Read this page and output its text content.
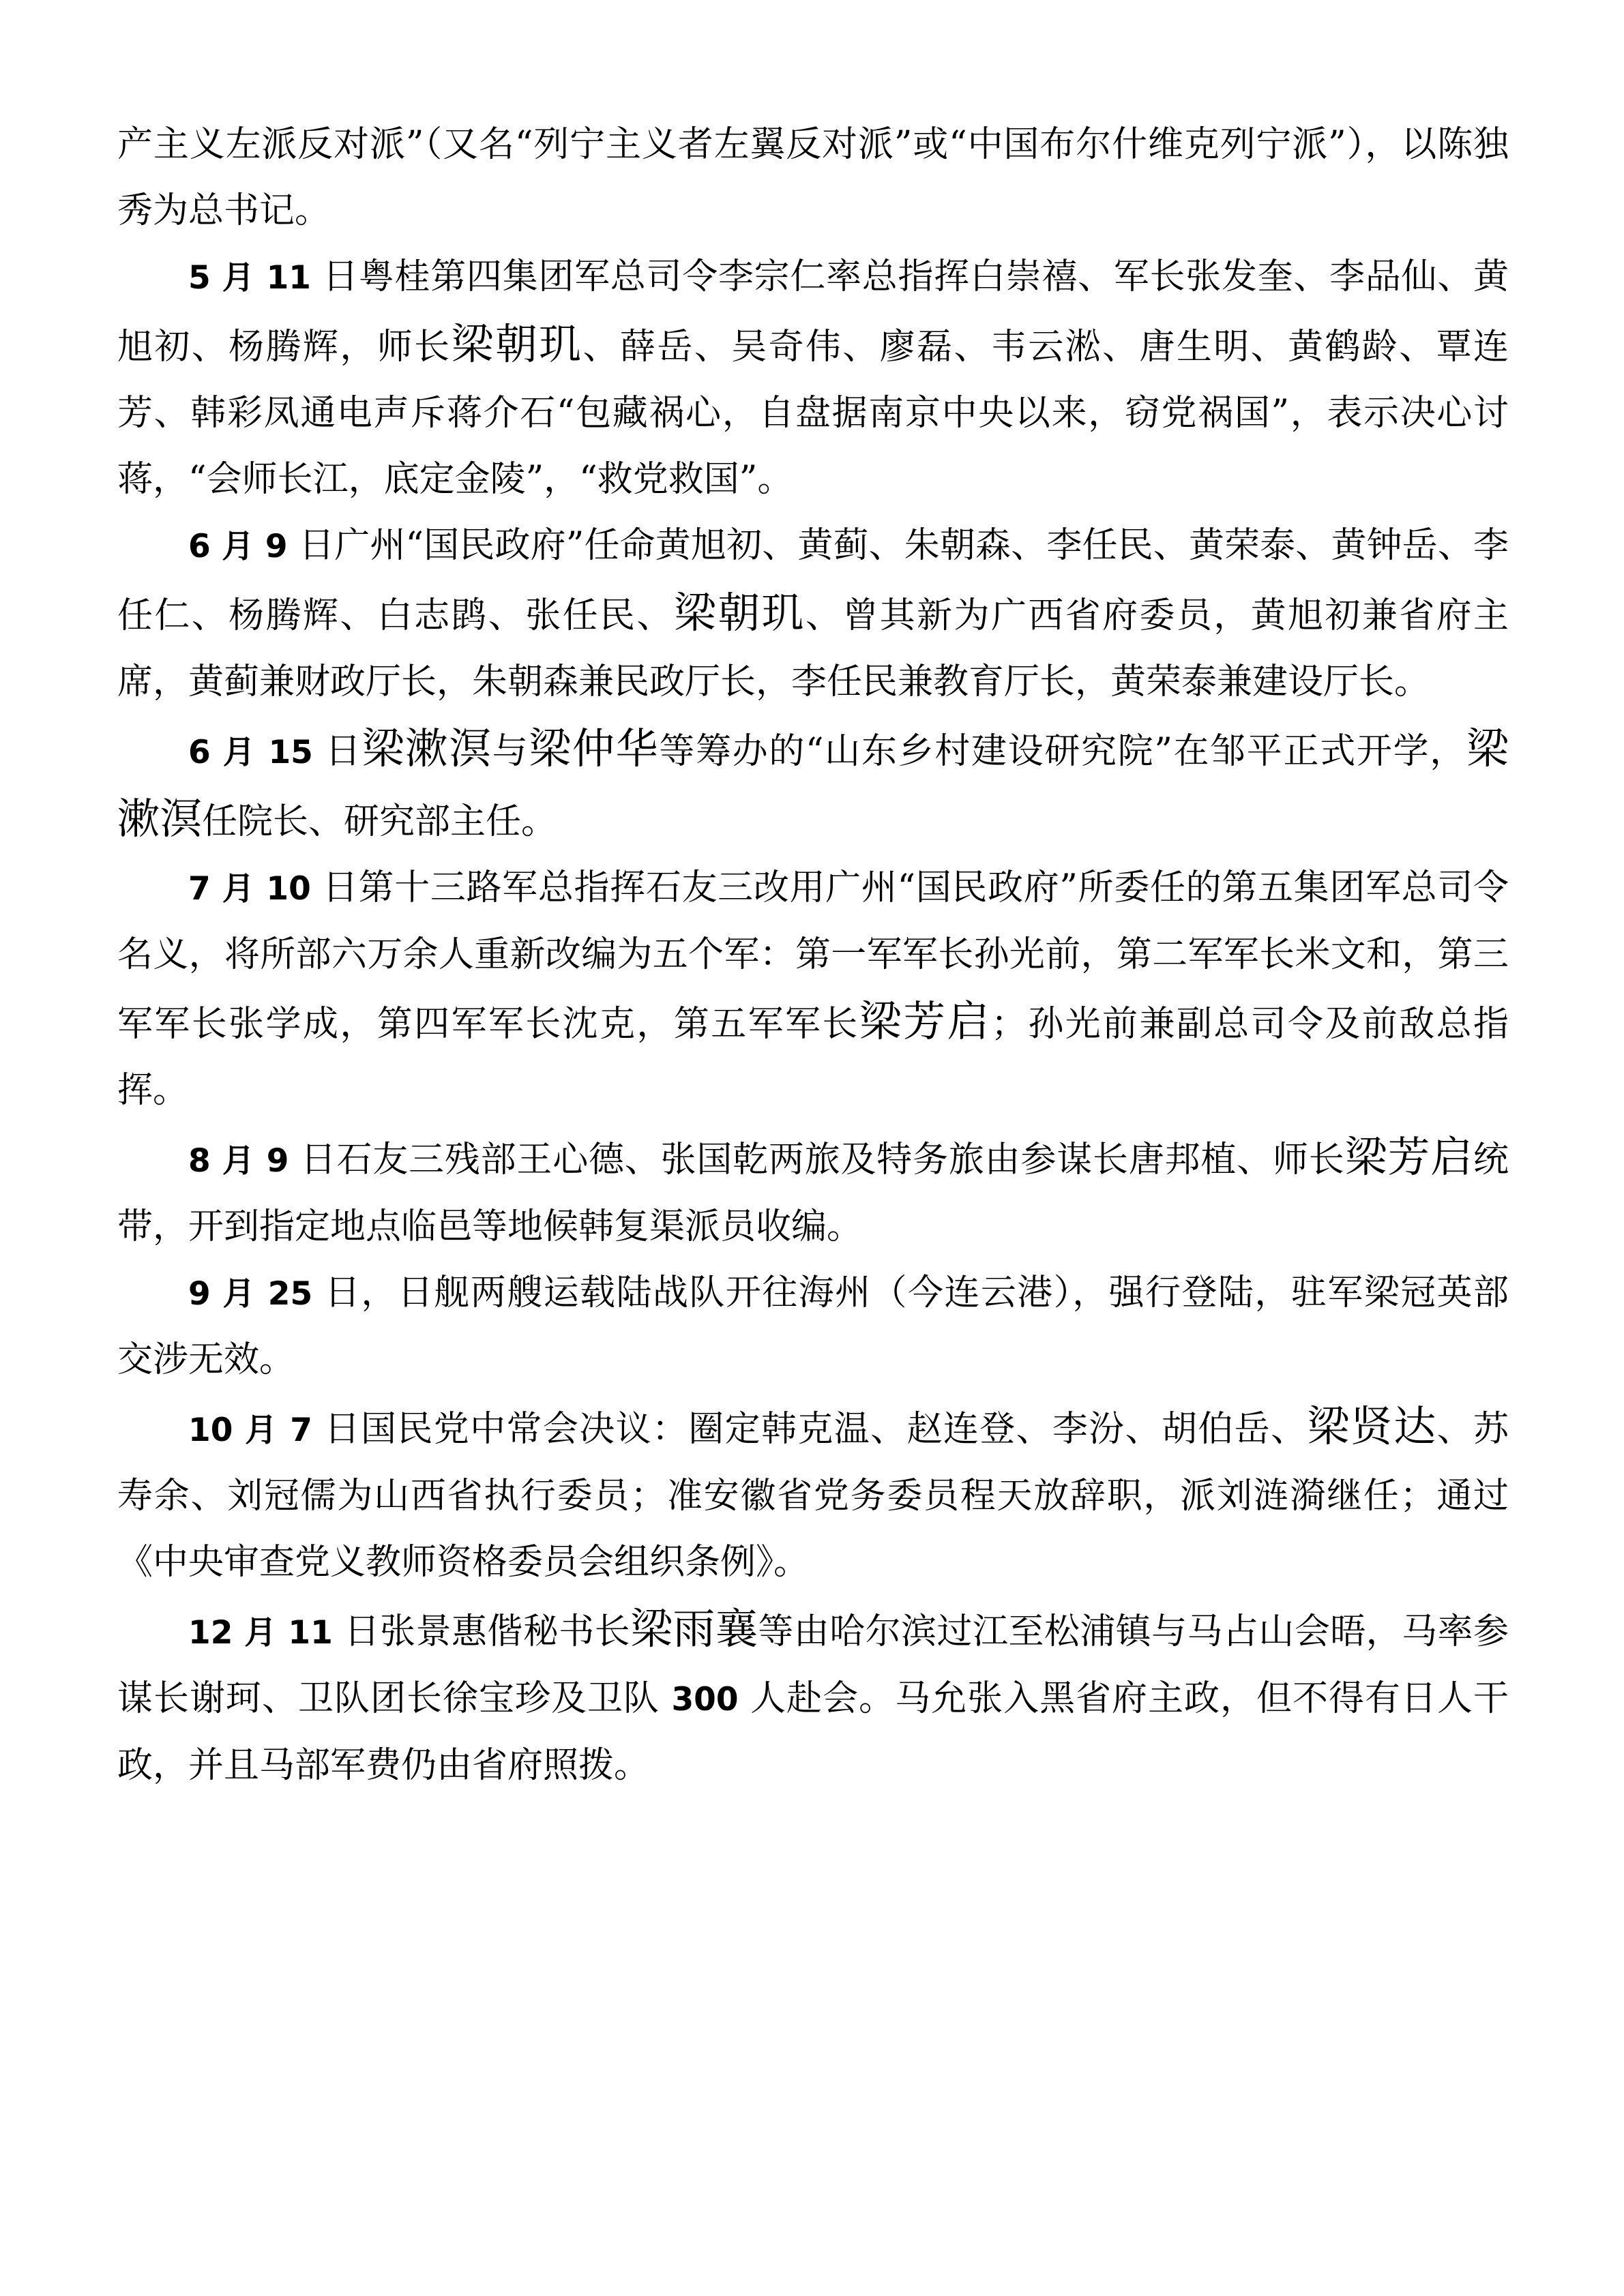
产主义左派反对派”（又名“列宁主义者左翼反对派”或“中国布尔什维克列宁派”），以陈独秀为总书记。

5 月 11 日粤桂第四集团军总司令李宗仁率总指挥白崇禧、军长张发奎、李品仙、黄旭初、杨腾辉，师长梁朝玑、薛岳、吴奇伟、廖磊、韦云淞、唐生明、黄鹤龄、覃连芳、韩彩凤通电声斥蒋介石“包藏祸心，自盘据南京中央以来，窃党祸国”，表示决心讨蒋，“会师长江，底定金陵”，“救党救国”。

6 月 9 日广州“国民政府”任命黄旭初、黄蓟、朱朝森、李任民、黄荣泰、黄钟岳、李任仁、杨腾辉、白志鹍、张任民、梁朝玑、曾其新为广西省府委员，黄旭初兼省府主席，黄蓟兼财政厅长，朱朝森兼民政厅长，李任民兼教育厅长，黄荣泰兼建设厅长。

6 月 15 日梁漱溟与梁仲华等筹办的“山东乡村建设研究院”在邹平正式开学，梁漱溟任院长、研究部主任。

7 月 10 日第十三路军总指挥石友三改用广州“国民政府”所委任的第五集团军总司令名义，将所部六万余人重新改编为五个军：第一军军长孙光前，第二军军长米文和，第三军军长张学成，第四军军长沈克，第五军军长梁芳启；孙光前兼副总司令及前敌总指挥。

8 月 9 日石友三残部王心德、张国乾两旅及特务旅由参谋长唐邦植、师长梁芳启统带，开到指定地点临邑等地候韩复渠派员收编。

9 月 25 日，日舰两艘运载陆战队开往海州（今连云港），强行登陆，驻军梁冠英部交涉无效。

10 月 7 日国民党中常会决议：圈定韩克温、赵连登、李汾、胡伯岳、梁贤达、苏寿余、刘冠儒为山西省执行委员；准安徽省党务委员程天放辞职，派刘涟漪继任；通过《中央审查党义教师资格委员会组织条例》。

12 月 11 日张景惠偕秘书长梁雨襄等由哈尔滨过江至松浦镇与马占山会晤，马率参谋长谢珂、卫队团长徐宝珍及卫队 300 人赴会。马允张入黑省府主政，但不得有日人干政，并且马部军费仍由省府照拨。
